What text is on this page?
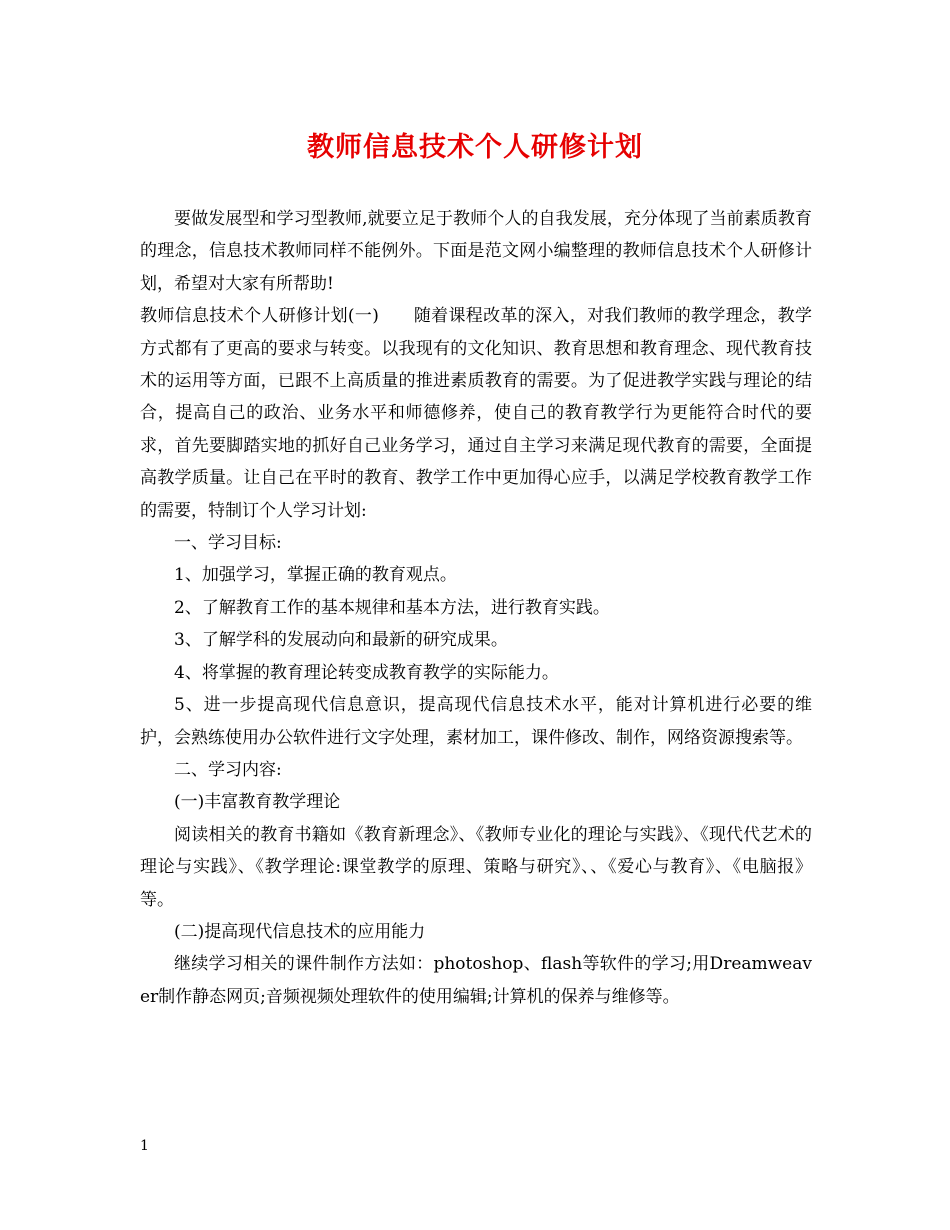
教师信息技术个人研修计划

要做发展型和学习型教师,就要立足于教师个人的自我发展，充分体现了当前素质教育的理念，信息技术教师同样不能例外。下面是范文网小编整理的教师信息技术个人研修计划，希望对大家有所帮助!

教师信息技术个人研修计划(一)　　随着课程改革的深入，对我们教师的教学理念，教学方式都有了更高的要求与转变。以我现有的文化知识、教育思想和教育理念、现代教育技术的运用等方面，已跟不上高质量的推进素质教育的需要。为了促进教学实践与理论的结合，提高自己的政治、业务水平和师德修养，使自己的教育教学行为更能符合时代的要求，首先要脚踏实地的抓好自己业务学习，通过自主学习来满足现代教育的需要，全面提高教学质量。让自己在平时的教育、教学工作中更加得心应手，以满足学校教育教学工作的需要，特制订个人学习计划:

一、学习目标:

1、加强学习，掌握正确的教育观点。

2、了解教育工作的基本规律和基本方法，进行教育实践。

3、了解学科的发展动向和最新的研究成果。

4、将掌握的教育理论转变成教育教学的实际能力。

5、进一步提高现代信息意识，提高现代信息技术水平，能对计算机进行必要的维护，会熟练使用办公软件进行文字处理，素材加工，课件修改、制作，网络资源搜索等。

二、学习内容:

(一)丰富教育教学理论

阅读相关的教育书籍如《教育新理念》、《教师专业化的理论与实践》、《现代代艺术的理论与实践》、《教学理论:课堂教学的原理、策略与研究》、、《爱心与教育》、《电脑报》等。

(二)提高现代信息技术的应用能力

继续学习相关的课件制作方法如：photoshop、flash等软件的学习;用Dreamweaver制作静态网页;音频视频处理软件的使用编辑;计算机的保养与维修等。

1
